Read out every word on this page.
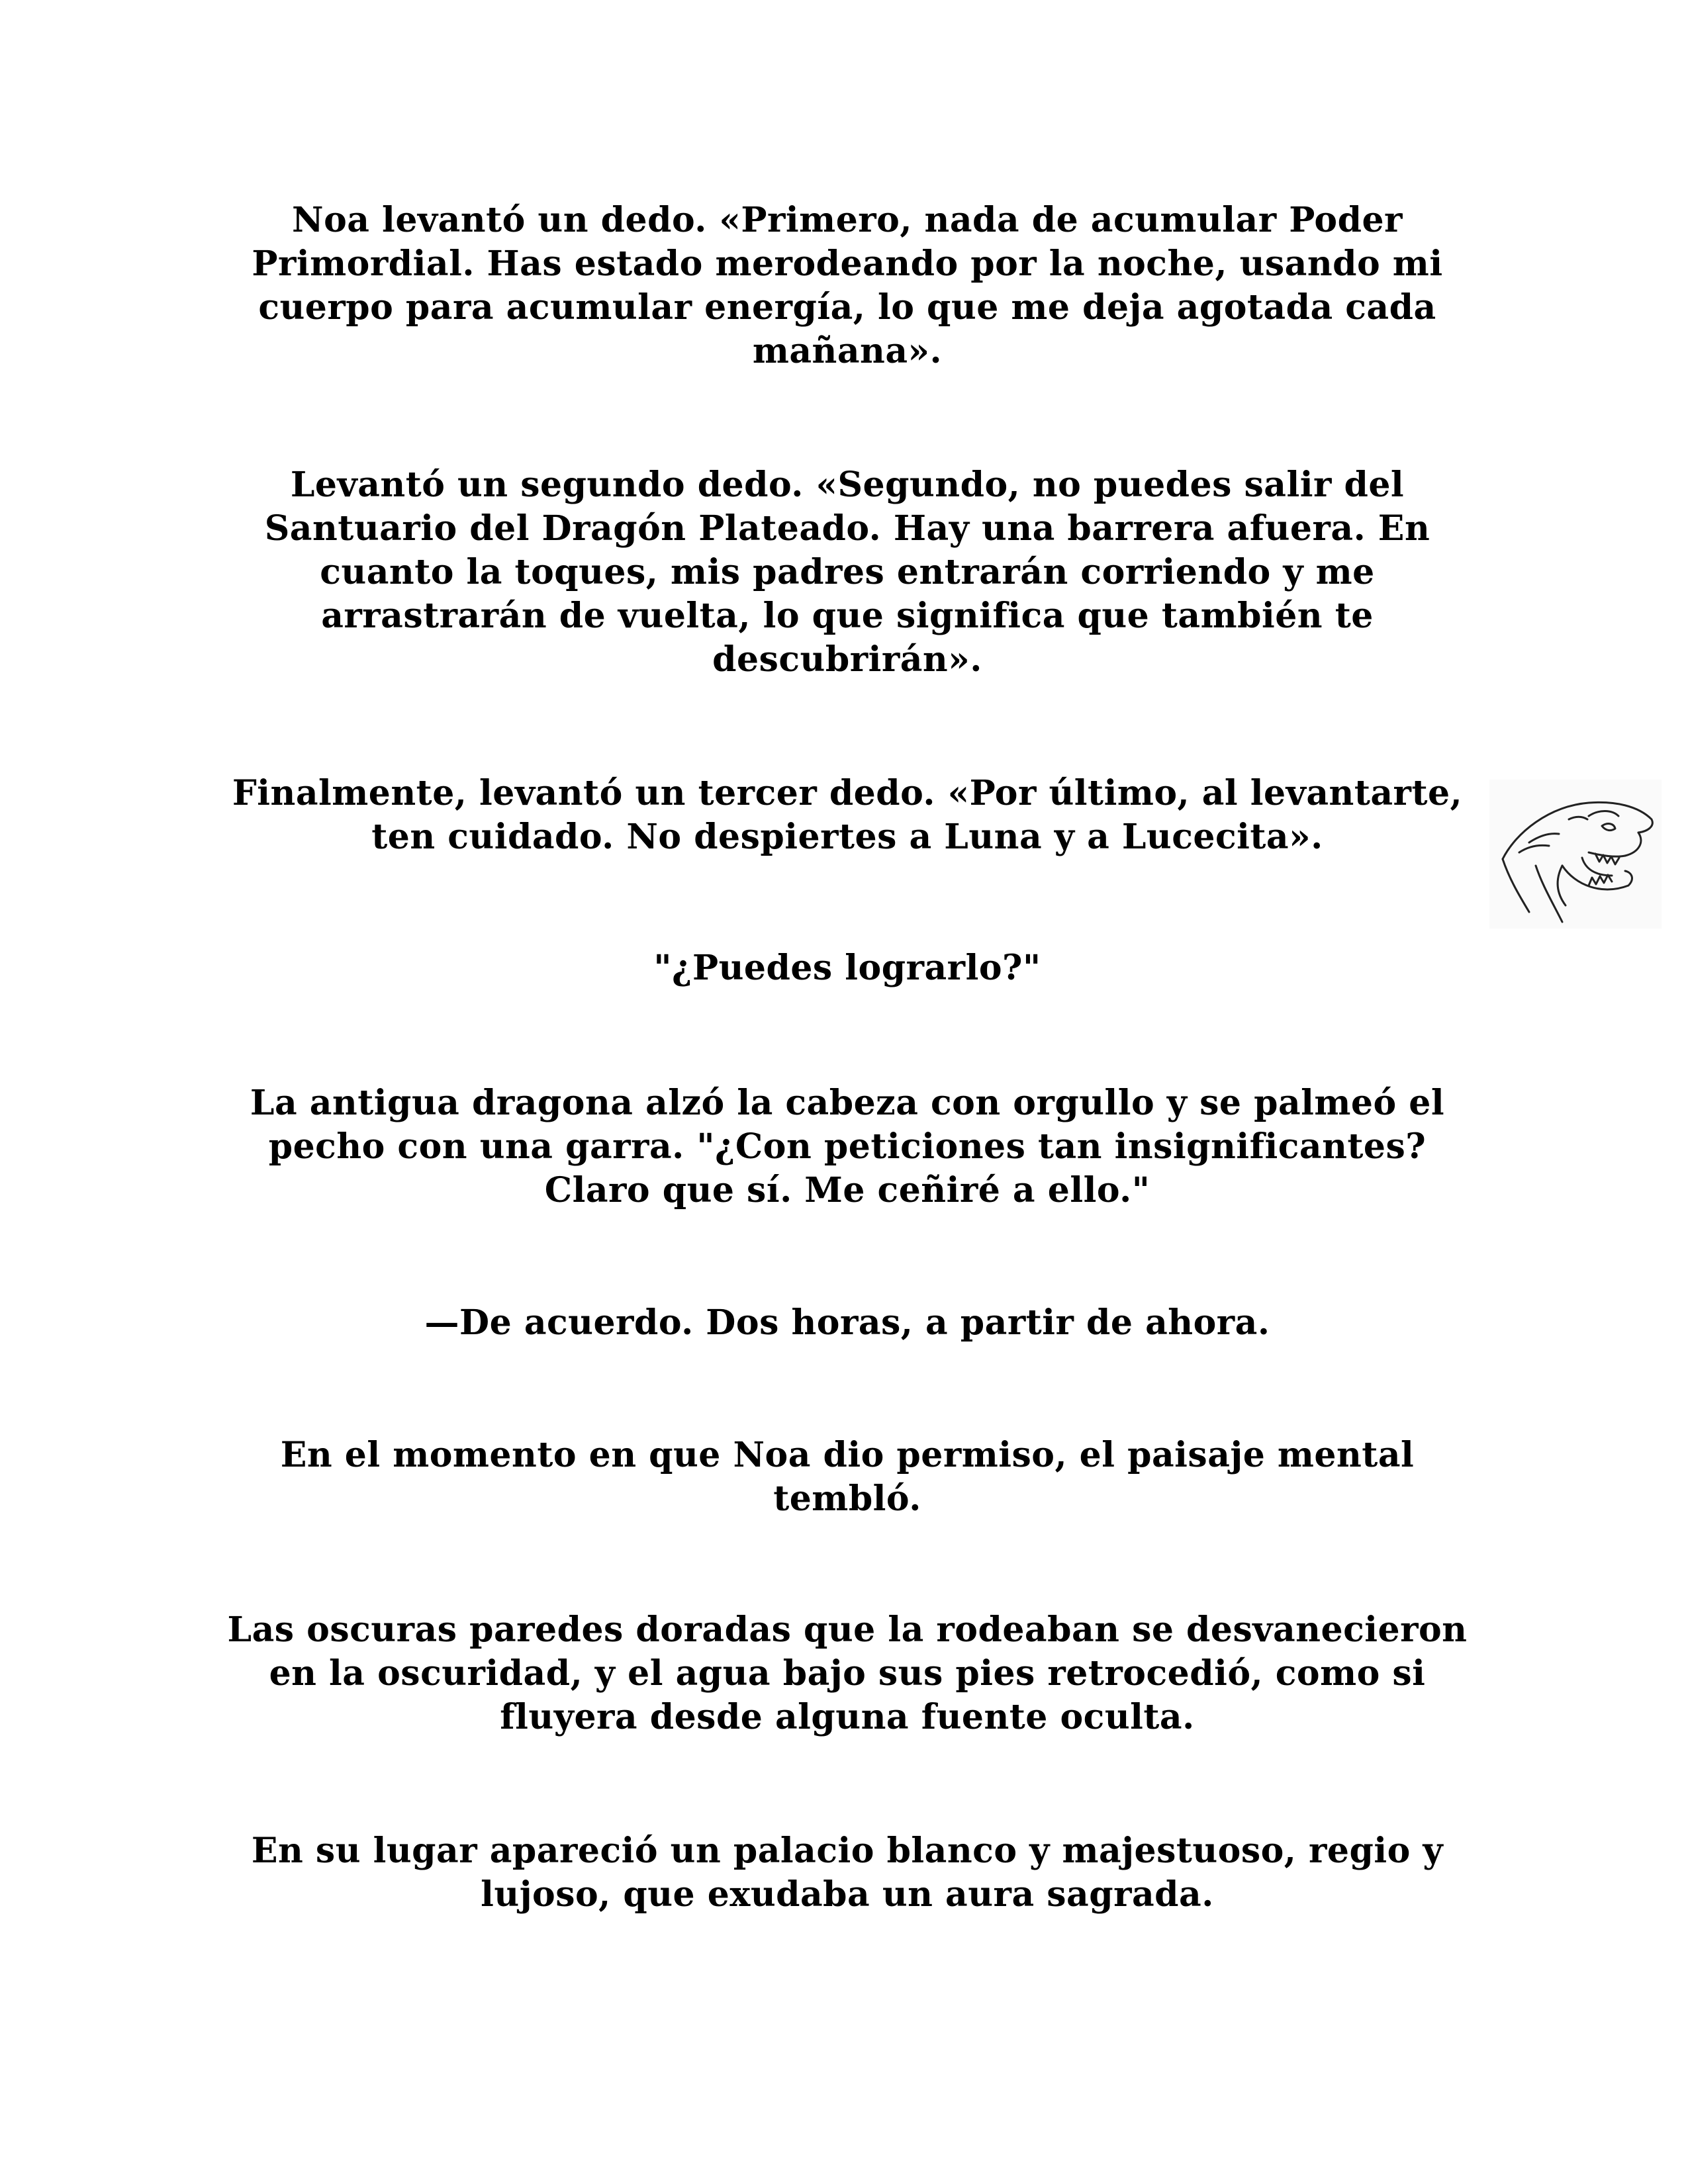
Noa levantó un dedo. «Primero, nada de acumular Poder Primordial. Has estado merodeando por la noche, usando mi cuerpo para acumular energía, lo que me deja agotada cada mañana».

Levantó un segundo dedo. «Segundo, no puedes salir del Santuario del Dragón Plateado. Hay una barrera afuera. En cuanto la toques, mis padres entrarán corriendo y me arrastrarán de vuelta, lo que significa que también te descubrirán».

Finalmente, levantó un tercer dedo. «Por último, al levantarte, ten cuidado. No despiertes a Luna y a Lucecita».

"¿Puedes lograrlo?"

La antigua dragona alzó la cabeza con orgullo y se palmeó el pecho con una garra. "¿Con peticiones tan insignificantes? Claro que sí. Me ceñiré a ello."

—De acuerdo. Dos horas, a partir de ahora.

En el momento en que Noa dio permiso, el paisaje mental tembló.

Las oscuras paredes doradas que la rodeaban se desvanecieron en la oscuridad, y el agua bajo sus pies retrocedió, como si fluyera desde alguna fuente oculta.

En su lugar apareció un palacio blanco y majestuoso, regio y lujoso, que exudaba un aura sagrada.
